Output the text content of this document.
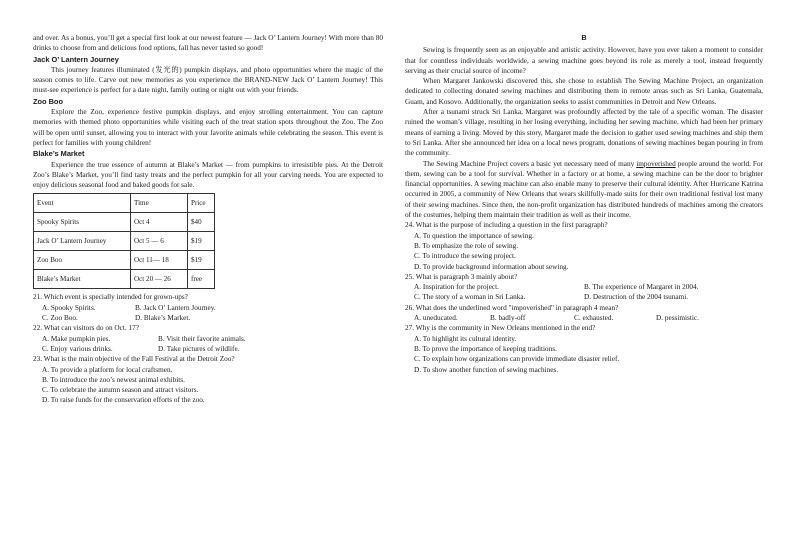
and over. As a bonus, you’ll get a special first look at our newest feature — Jack O’ Lantern Journey! With more than 80 drinks to choose from and delicious food options, fall has never tasted so good!

Jack O’ Lantern Journey

This journey features illuminated (发光的) pumpkin displays, and photo opportunities where the magic of the season comes to life. Carve out new memories as you experience the BRAND-NEW Jack O’ Lantern Journey! This must-see experience is perfect for a date night, family outing or night out with your friends.

Zoo Boo

Explore the Zoo, experience festive pumpkin displays, and enjoy strolling entertainment. You can capture memories with themed photo opportunities while visiting each of the treat station spots throughout the Zoo. The Zoo will be open until sunset, allowing you to interact with your favorite animals while celebrating the season. This event is perfect for families with young children!

Blake’s Market

Experience the true essence of autumn at Blake’s Market — from pumpkins to irresistible pies. At the Detroit Zoo’s Blake’s Market, you’ll find tasty treats and the perfect pumpkin for all your carving needs. You are expected to enjoy delicious seasonal food and baked goods for sale.

Event	Time	Price
Spooky Spirits	Oct 4	$40
Jack O’ Lantern Journey	Oct 5 — 6	$19
Zoo Boo	Oct 11— 18	$19
Blake’s Market	Oct 20 — 26	free

21. Which event is specially intended for grown-ups?

A. Spooky Spirits.	B. Jack O’ Lantern Journey.
C. Zoo Boo.	D. Blake’s Market.

22. What can visitors do on Oct. 17?

A. Make pumpkin pies.	B. Visit their favorite animals.
C. Enjoy various drinks.	D. Take pictures of wildlife.

23. What is the main objective of the Fall Festival at the Detroit Zoo?

A. To provide a platform for local craftsmen.

B. To introduce the zoo’s newest animal exhibits.

C. To celebrate the autumn season and attract visitors.

D. To raise funds for the conservation efforts of the zoo.

B

Sewing is frequently seen as an enjoyable and artistic activity. However, have you ever taken a moment to consider that for countless individuals worldwide, a sewing machine goes beyond its role as merely a tool, instead frequently serving as their crucial source of income?

When Margaret Jankowski discovered this, she chose to establish The Sewing Machine Project, an organization dedicated to collecting donated sewing machines and distributing them in remote areas such as Sri Lanka, Guatemala, Guam, and Kosovo. Additionally, the organization seeks to assist communities in Detroit and New Orleans.

After a tsunami struck Sri Lanka, Margaret was profoundly affected by the tale of a specific woman. The disaster ruined the woman’s village, resulting in her losing everything, including her sewing machine, which had been her primary means of earning a living. Moved by this story, Margaret made the decision to gather used sewing machines and ship them to Sri Lanka. After she announced her idea on a local news program, donations of sewing machines began pouring in from the community.

The Sewing Machine Project covers a basic yet necessary need of many impoverished people around the world. For them, sewing can be a tool for survival. Whether in a factory or at home, a sewing machine can be the door to brighter financial opportunities. A sewing machine can also enable many to preserve their cultural identity. After Hurricane Katrina occurred in 2005, a community of New Orleans that wears skillfully-made suits for their own traditional festival lost many of their sewing machines. Since then, the non-profit organization has distributed hundreds of machines among the creators of the costumes, helping them maintain their tradition as well as their income.

24. What is the purpose of including a question in the first paragraph?

A. To question the importance of sewing.

B. To emphasize the role of sewing.

C. To introduce the sewing project.

D. To provide background information about sewing.

25. What is paragraph 3 mainly about?

A. Inspiration for the project.	B. The experience of Margaret in 2004.
C. The story of a woman in Sri Lanka.	D. Destruction of the 2004 tsunami.

26. What does the underlined word "impoverished" in paragraph 4 mean?

A. uneducated.	B. badly-off	C. exhausted.	D. pessimistic.

27. Why is the community in New Orleans mentioned in the end?

A. To highlight its cultural identity.

B. To prove the importance of keeping traditions.

C. To explain how organizations can provide immediate disaster relief.

D. To show another function of sewing machines.
